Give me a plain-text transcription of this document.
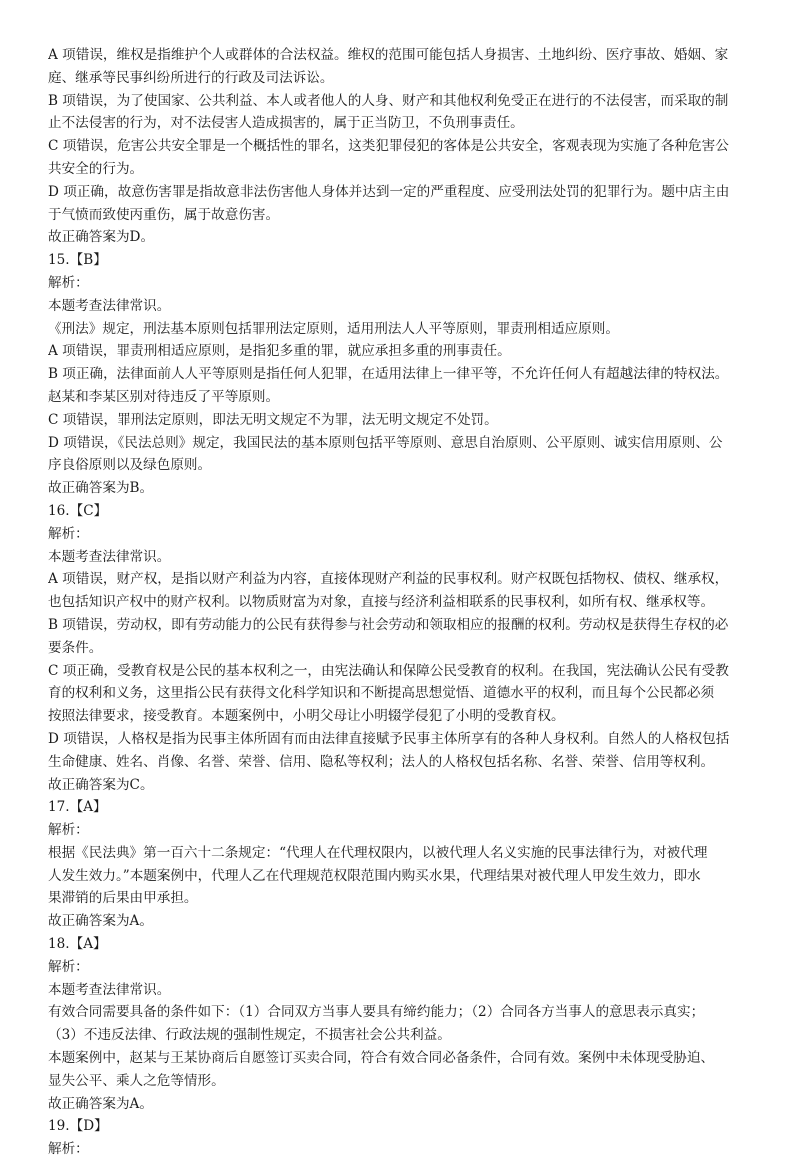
A 项错误，维权是指维护个人或群体的合法权益。维权的范围可能包括人身损害、土地纠纷、医疗事故、婚姻、家
庭、继承等民事纠纷所进行的行政及司法诉讼。
B 项错误，为了使国家、公共利益、本人或者他人的人身、财产和其他权利免受正在进行的不法侵害，而采取的制
止不法侵害的行为，对不法侵害人造成损害的，属于正当防卫，不负刑事责任。
C 项错误，危害公共安全罪是一个概括性的罪名，这类犯罪侵犯的客体是公共安全，客观表现为实施了各种危害公
共安全的行为。
D 项正确，故意伤害罪是指故意非法伤害他人身体并达到一定的严重程度、应受刑法处罚的犯罪行为。题中店主由
于气愤而致使丙重伤，属于故意伤害。
故正确答案为D。
15.【B】
解析：
本题考查法律常识。
《刑法》规定，刑法基本原则包括罪刑法定原则，适用刑法人人平等原则，罪责刑相适应原则。
A 项错误，罪责刑相适应原则，是指犯多重的罪，就应承担多重的刑事责任。
B 项正确，法律面前人人平等原则是指任何人犯罪，在适用法律上一律平等，不允许任何人有超越法律的特权法。
赵某和李某区别对待违反了平等原则。
C 项错误，罪刑法定原则，即法无明文规定不为罪，法无明文规定不处罚。
D 项错误，《民法总则》规定，我国民法的基本原则包括平等原则、意思自治原则、公平原则、诚实信用原则、公
序良俗原则以及绿色原则。
故正确答案为B。
16.【C】
解析：
本题考查法律常识。
A 项错误，财产权，是指以财产利益为内容，直接体现财产利益的民事权利。财产权既包括物权、债权、继承权，
也包括知识产权中的财产权利。以物质财富为对象，直接与经济利益相联系的民事权利，如所有权、继承权等。
B 项错误，劳动权，即有劳动能力的公民有获得参与社会劳动和领取相应的报酬的权利。劳动权是获得生存权的必
要条件。
C 项正确，受教育权是公民的基本权利之一，由宪法确认和保障公民受教育的权利。在我国，宪法确认公民有受教
育的权利和义务，这里指公民有获得文化科学知识和不断提高思想觉悟、道德水平的权利，而且每个公民都必须
按照法律要求，接受教育。本题案例中，小明父母让小明辍学侵犯了小明的受教育权。
D 项错误，人格权是指为民事主体所固有而由法律直接赋予民事主体所享有的各种人身权利。自然人的人格权包括
生命健康、姓名、肖像、名誉、荣誉、信用、隐私等权利；法人的人格权包括名称、名誉、荣誉、信用等权利。
故正确答案为C。
17.【A】
解析：
根据《民法典》第一百六十二条规定：“代理人在代理权限内，以被代理人名义实施的民事法律行为，对被代理
人发生效力。”本题案例中，代理人乙在代理规范权限范围内购买水果，代理结果对被代理人甲发生效力，即水
果滞销的后果由甲承担。
故正确答案为A。
18.【A】
解析：
本题考查法律常识。
有效合同需要具备的条件如下：（1）合同双方当事人要具有缔约能力；（2）合同各方当事人的意思表示真实；
（3）不违反法律、行政法规的强制性规定，不损害社会公共利益。
本题案例中，赵某与王某协商后自愿签订买卖合同，符合有效合同必备条件，合同有效。案例中未体现受胁迫、
显失公平、乘人之危等情形。
故正确答案为A。
19.【D】
解析：
